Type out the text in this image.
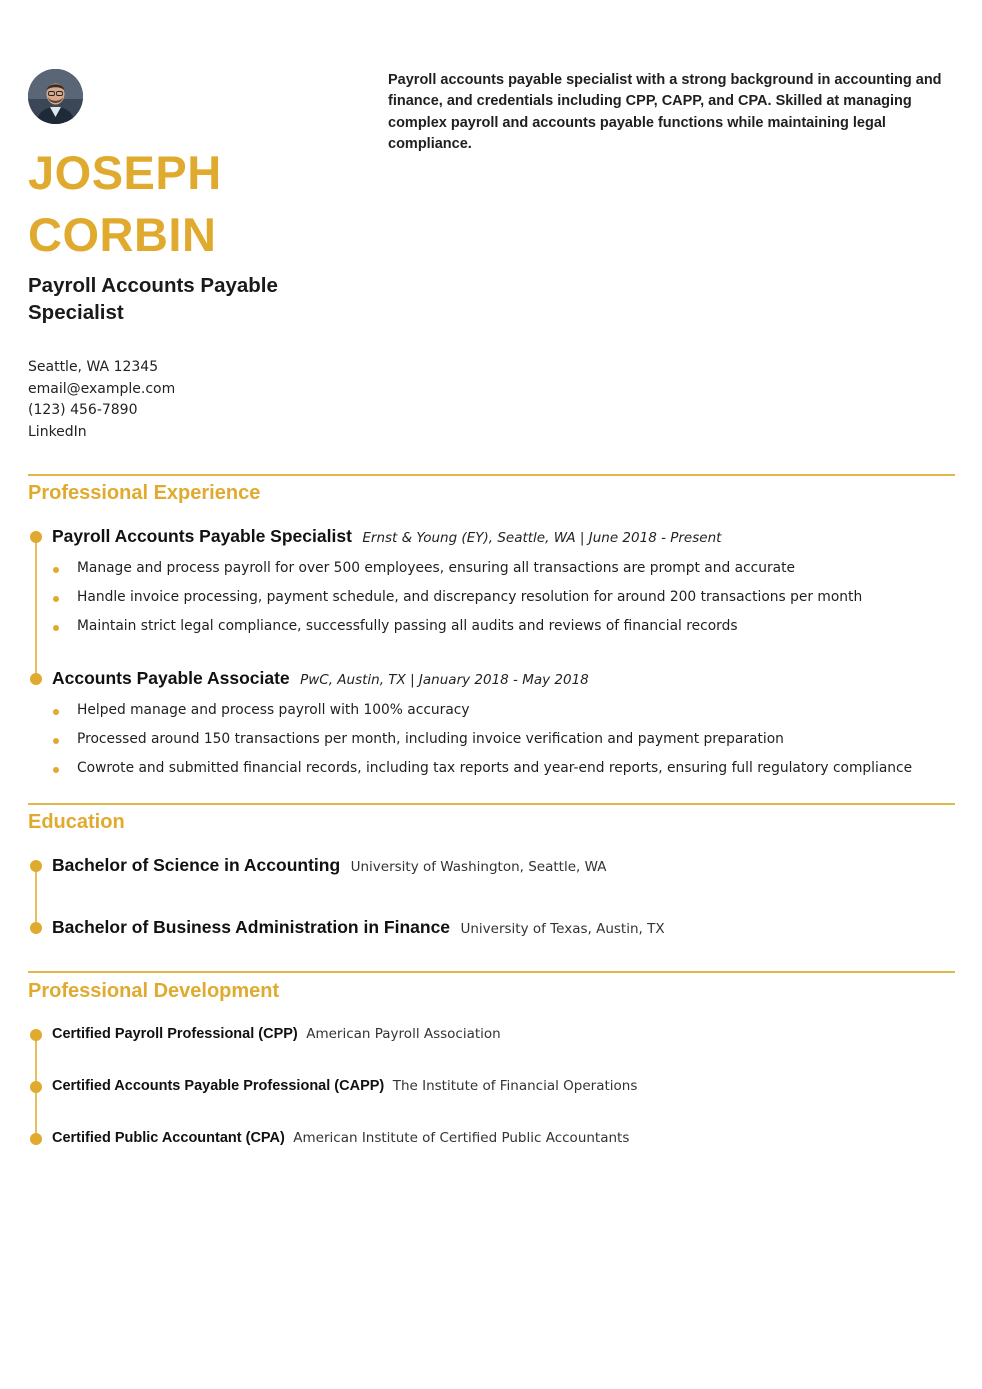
JOSEPH
CORBIN
Payroll Accounts Payable
Specialist
Seattle, WA 12345
email@example.com
(123) 456-7890
LinkedIn
Payroll accounts payable specialist with a strong background in accounting and finance, and credentials including CPP, CAPP, and CPA. Skilled at managing complex payroll and accounts payable functions while maintaining legal compliance.
Professional Experience
Payroll Accounts Payable Specialist Ernst & Young (EY), Seattle, WA | June 2018 - Present
Manage and process payroll for over 500 employees, ensuring all transactions are prompt and accurate
Handle invoice processing, payment schedule, and discrepancy resolution for around 200 transactions per month
Maintain strict legal compliance, successfully passing all audits and reviews of financial records
Accounts Payable Associate PwC, Austin, TX | January 2018 - May 2018
Helped manage and process payroll with 100% accuracy
Processed around 150 transactions per month, including invoice verification and payment preparation
Cowrote and submitted financial records, including tax reports and year-end reports, ensuring full regulatory compliance
Education
Bachelor of Science in Accounting University of Washington, Seattle, WA
Bachelor of Business Administration in Finance University of Texas, Austin, TX
Professional Development
Certified Payroll Professional (CPP) American Payroll Association
Certified Accounts Payable Professional (CAPP) The Institute of Financial Operations
Certified Public Accountant (CPA) American Institute of Certified Public Accountants
